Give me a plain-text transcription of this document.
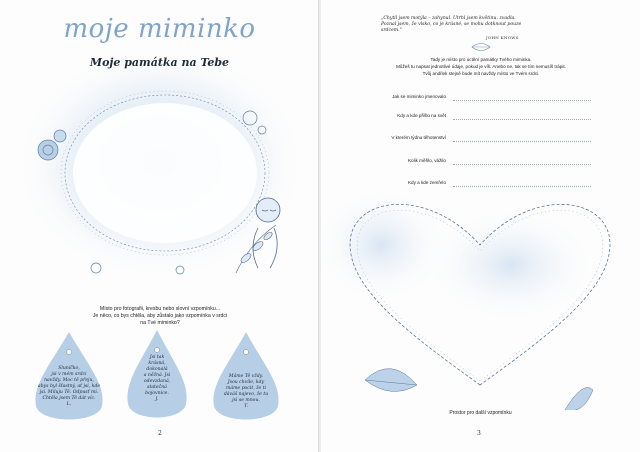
moje miminko
Moje památka na Tebe
Místo pro fotografii, kresbu nebo slovní vzpomínku...
Je něco, co bys chtěla, aby zůstalo jako vzpomínka v srdci
na Tvé miminko?
Sluníčko,
jsi v mém srdci
navždy. Moc tě přeju,
abys byl šťastný, ať jsi, kde
jsi. Miluju Tě. Odpusť mi.
Chtěla jsem Tě dát víc.
L.
Jsi tak
krásná,
dokonalá
a něžná. Jsi
odevzdaná,
statečná
bojovnice.
J.
Máme Tě vždy.
Jsou chvíle, kdy
máme pocit, že ti
dáváš najevo, že tu
jsi se mnou.
T.
2
„Chytil jsem motýla – zahynul. Utrhl jsem květinu, zvadla.
Poznal jsem, že vlsko, co je krásné, se mohu dotknout pouze srdcem."
JOHN KNOWS
Tady je místo pro uctění památky Tvého miminka.
Můžeš tu napsat jednotlivé údaje, pokud je víš. Anebo ne, tak se tím nemusíš trápit.
Tvůj andílek stejně bude mít navždy místo ve Tvém srdci.
Jak se miminko jmenovalo
Kdy a kde přišlo na svět
V kterém týdnu těhotenství
Kolik měřilo, vážilo
Kdy a kde zemřelo
Prostor pro další vzpomínku
3
